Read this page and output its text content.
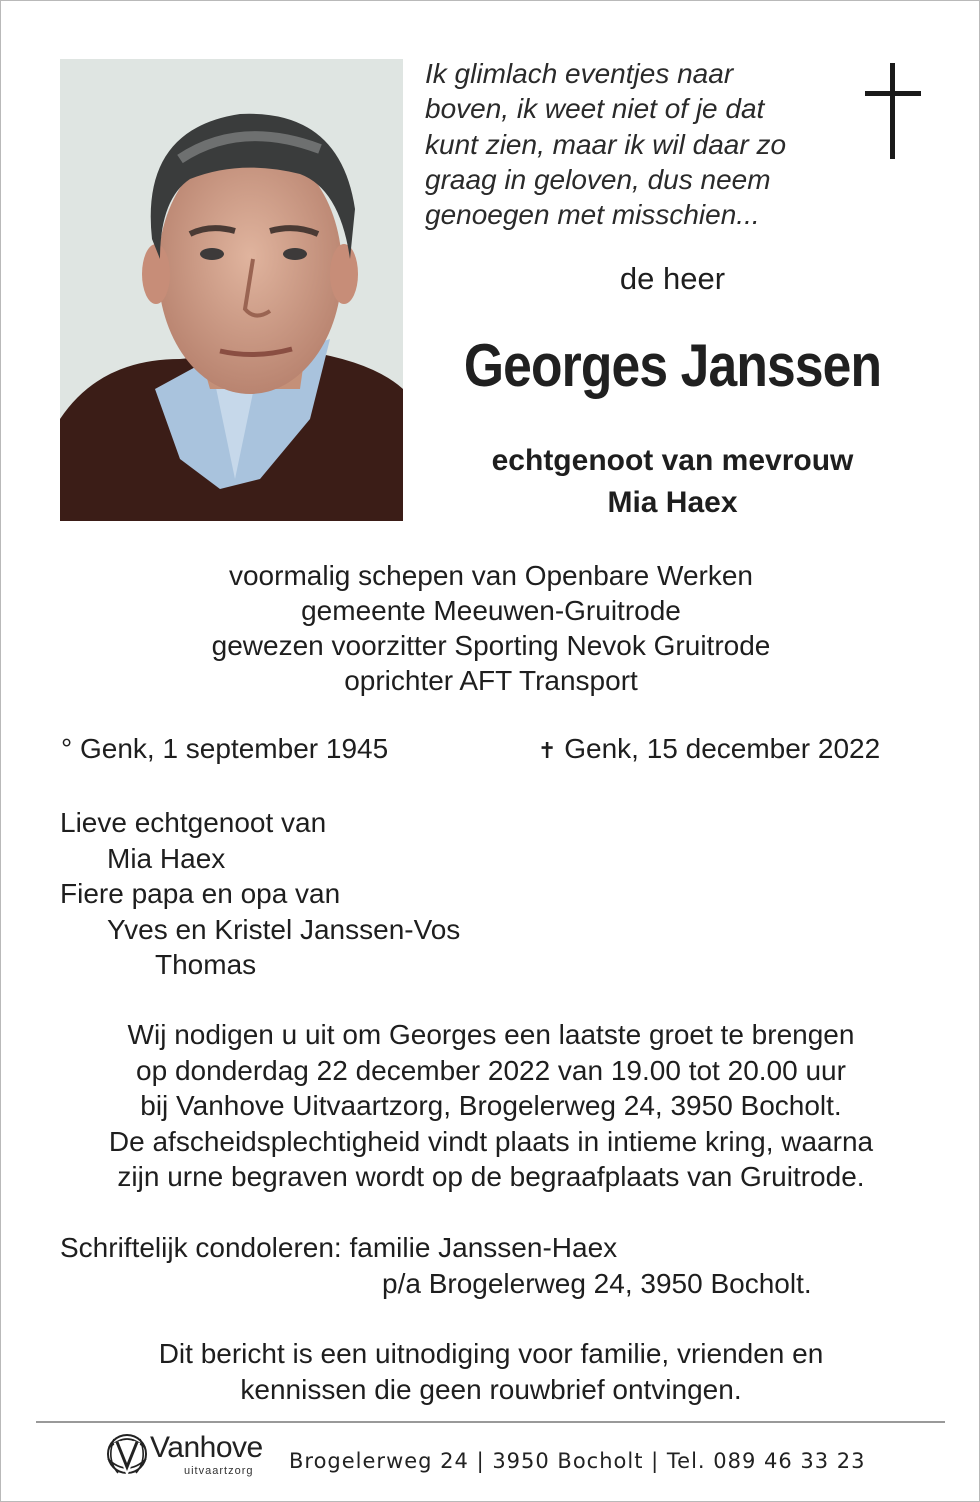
Ik glimlach eventjes naar
boven, ik weet niet of je dat
kunt zien, maar ik wil daar zo
graag in geloven, dus neem
genoegen met misschien...
de heer
Georges Janssen
echtgenoot van mevrouw
Mia Haex
voormalig schepen van Openbare Werken
gemeente Meeuwen-Gruitrode
gewezen voorzitter Sporting Nevok Gruitrode
oprichter AFT Transport
° Genk, 1 september 1945	✝ Genk, 15 december 2022
Lieve echtgenoot van
Mia Haex
Fiere papa en opa van
Yves en Kristel Janssen-Vos
Thomas
Wij nodigen u uit om Georges een laatste groet te brengen
op donderdag 22 december 2022 van 19.00 tot 20.00 uur
bij Vanhove Uitvaartzorg, Brogelerweg 24, 3950 Bocholt.
De afscheidsplechtigheid vindt plaats in intieme kring, waarna
zijn urne begraven wordt op de begraafplaats van Gruitrode.
Schriftelijk condoleren: familie Janssen-Haex
p/a Brogelerweg 24, 3950 Bocholt.
Dit bericht is een uitnodiging voor familie, vrienden en
kennissen die geen rouwbrief ontvingen.
Vanhove
uitvaartzorg Brogelerweg 24 | 3950 Bocholt | Tel. 089 46 33 23
